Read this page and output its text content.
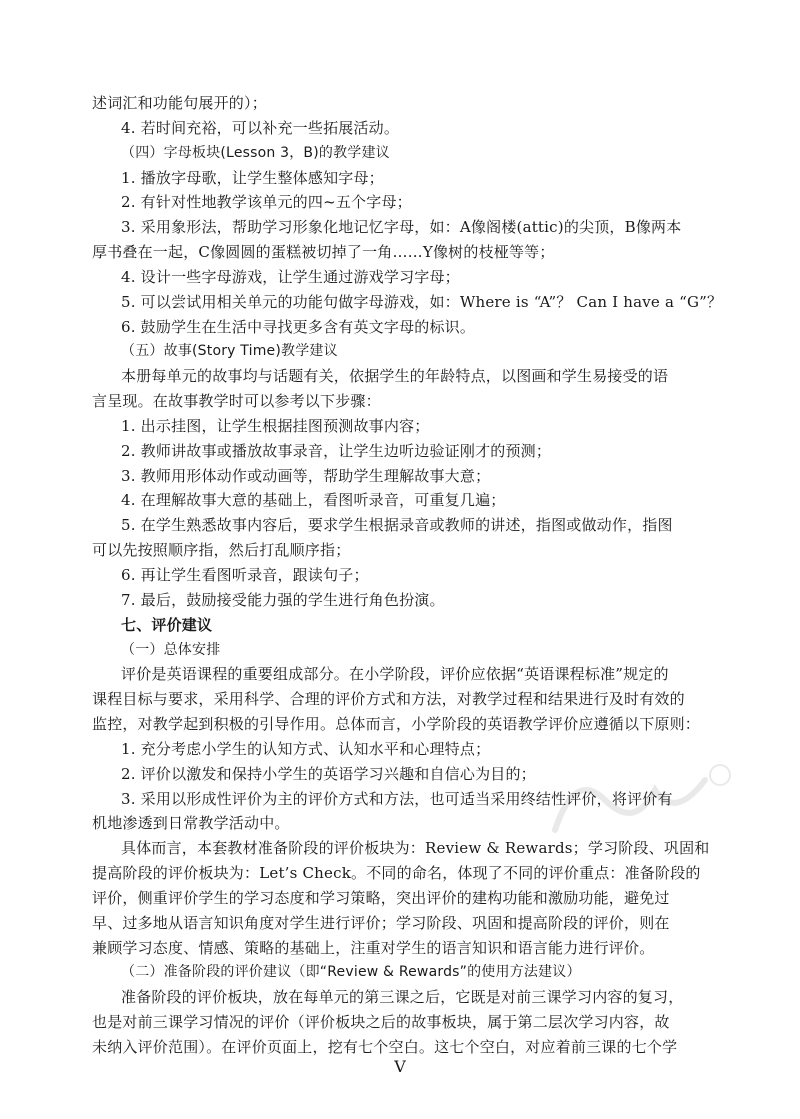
述词汇和功能句展开的）；
4. 若时间充裕，可以补充一些拓展活动。
（四）字母板块(Lesson 3，B)的教学建议
1. 播放字母歌，让学生整体感知字母；
2. 有针对性地教学该单元的四~五个字母；
3. 采用象形法，帮助学习形象化地记忆字母，如：A像阁楼(attic)的尖顶，B像两本
厚书叠在一起，C像圆圆的蛋糕被切掉了一角……Y像树的枝桠等等；
4. 设计一些字母游戏，让学生通过游戏学习字母；
5. 可以尝试用相关单元的功能句做字母游戏，如：Where is “A”？ Can I have a “G”？
6. 鼓励学生在生活中寻找更多含有英文字母的标识。
（五）故事(Story Time)教学建议
本册每单元的故事均与话题有关，依据学生的年龄特点，以图画和学生易接受的语
言呈现。在故事教学时可以参考以下步骤：
1. 出示挂图，让学生根据挂图预测故事内容；
2. 教师讲故事或播放故事录音，让学生边听边验证刚才的预测；
3. 教师用形体动作或动画等，帮助学生理解故事大意；
4. 在理解故事大意的基础上，看图听录音，可重复几遍；
5. 在学生熟悉故事内容后，要求学生根据录音或教师的讲述，指图或做动作，指图
可以先按照顺序指，然后打乱顺序指；
6. 再让学生看图听录音，跟读句子；
7. 最后，鼓励接受能力强的学生进行角色扮演。
七、评价建议
（一）总体安排
评价是英语课程的重要组成部分。在小学阶段，评价应依据“英语课程标准”规定的
课程目标与要求，采用科学、合理的评价方式和方法，对教学过程和结果进行及时有效的
监控，对教学起到积极的引导作用。总体而言，小学阶段的英语教学评价应遵循以下原则：
1. 充分考虑小学生的认知方式、认知水平和心理特点；
2. 评价以激发和保持小学生的英语学习兴趣和自信心为目的；
3. 采用以形成性评价为主的评价方式和方法，也可适当采用终结性评价，将评价有
机地渗透到日常教学活动中。
具体而言，本套教材准备阶段的评价板块为：Review & Rewards；学习阶段、巩固和
提高阶段的评价板块为：Let’s Check。不同的命名，体现了不同的评价重点：准备阶段的
评价，侧重评价学生的学习态度和学习策略，突出评价的建构功能和激励功能，避免过
早、过多地从语言知识角度对学生进行评价；学习阶段、巩固和提高阶段的评价，则在
兼顾学习态度、情感、策略的基础上，注重对学生的语言知识和语言能力进行评价。
（二）准备阶段的评价建议（即“Review & Rewards”的使用方法建议）
准备阶段的评价板块，放在每单元的第三课之后，它既是对前三课学习内容的复习，
也是对前三课学习情况的评价（评价板块之后的故事板块，属于第二层次学习内容，故
未纳入评价范围）。在评价页面上，挖有七个空白。这七个空白，对应着前三课的七个学
V
